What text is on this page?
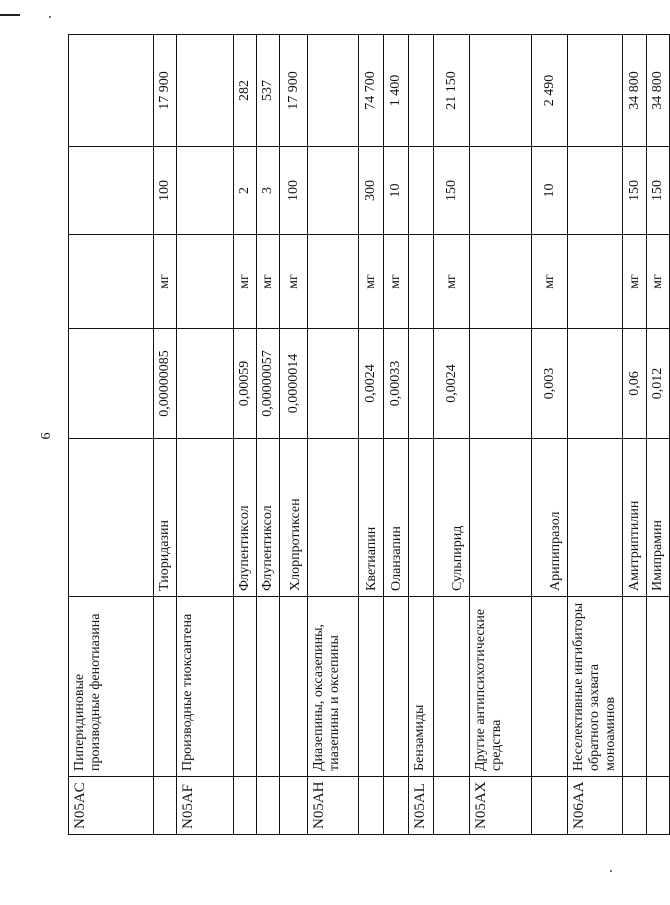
6
N05AC	Пиперидиновые производные фенотиазина					
		Тиоридазин	0,00000085	мг	100	17 900
N05AF	Производные тиоксантена					
		Флупентиксол	0,00059	мг	2	282
		Флупентиксол	0,00000057	мг	3	537
		Хлорпротиксен	0,0000014	мг	100	17 900
N05AH	Диазепины, оксазепины, тиазепины и оксепины					
		Кветиапин	0,0024	мг	300	74 700
		Оланзапин	0,00033	мг	10	1 400
N05AL	Бензамиды					
		Сульпирид	0,0024	мг	150	21 150
N05AX	Другие антипсихотические средства					
		Арипипразол	0,003	мг	10	2 490
N06AA	Неселективные ингибиторы обратного захвата моноаминов					
		Амитриптилин	0,06	мг	150	34 800
		Имипрамин	0,012	мг	150	34 800
